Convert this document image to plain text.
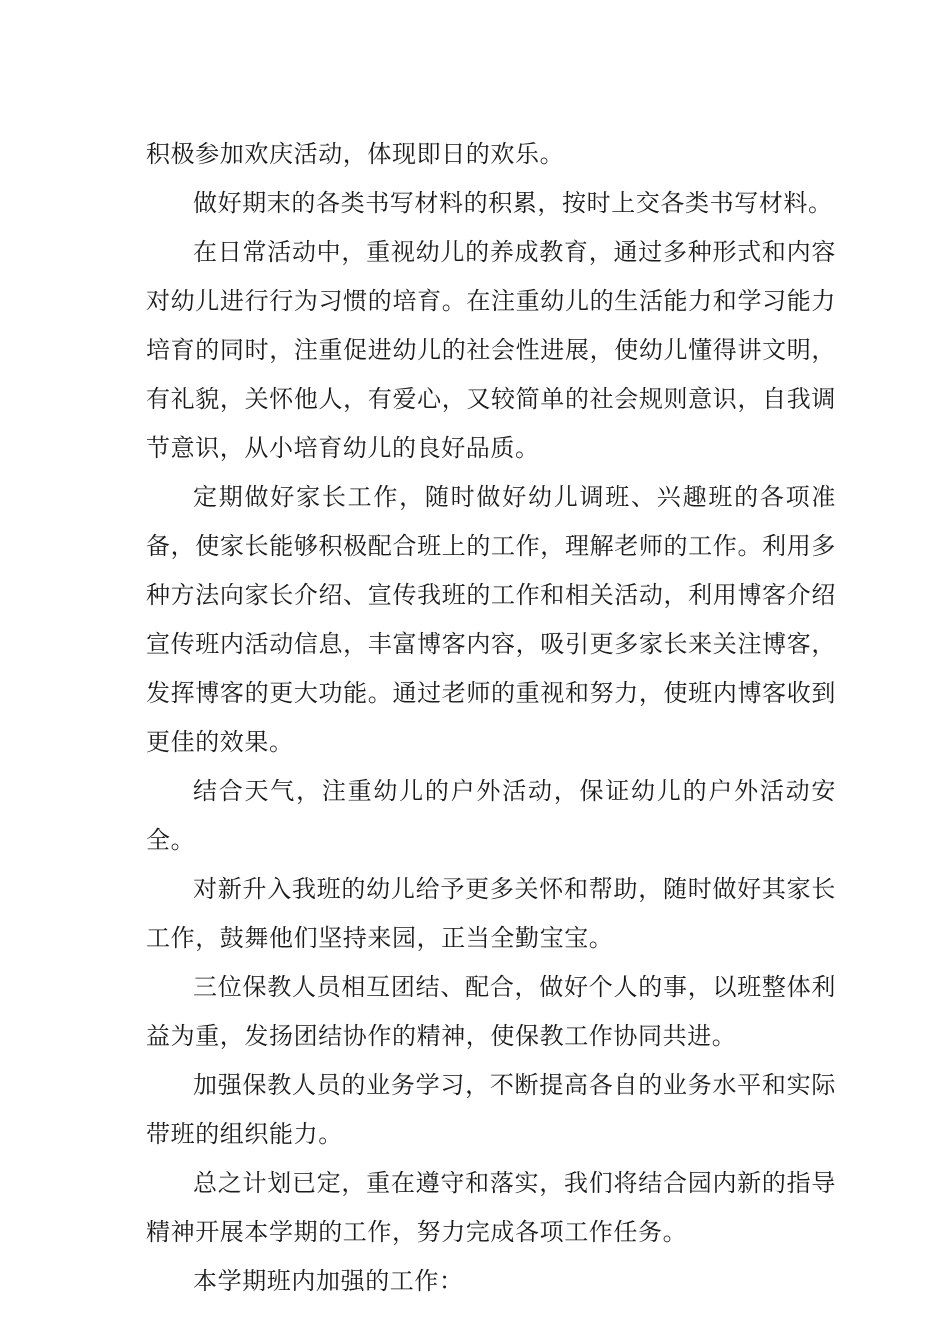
积极参加欢庆活动，体现即日的欢乐。

做好期末的各类书写材料的积累，按时上交各类书写材料。

在日常活动中，重视幼儿的养成教育，通过多种形式和内容对幼儿进行行为习惯的培育。在注重幼儿的生活能力和学习能力培育的同时，注重促进幼儿的社会性进展，使幼儿懂得讲文明，有礼貌，关怀他人，有爱心，又较简单的社会规则意识，自我调节意识，从小培育幼儿的良好品质。

定期做好家长工作，随时做好幼儿调班、兴趣班的各项准备，使家长能够积极配合班上的工作，理解老师的工作。利用多种方法向家长介绍、宣传我班的工作和相关活动，利用博客介绍宣传班内活动信息，丰富博客内容，吸引更多家长来关注博客，发挥博客的更大功能。通过老师的重视和努力，使班内博客收到更佳的效果。

结合天气，注重幼儿的户外活动，保证幼儿的户外活动安全。

对新升入我班的幼儿给予更多关怀和帮助，随时做好其家长工作，鼓舞他们坚持来园，正当全勤宝宝。

三位保教人员相互团结、配合，做好个人的事，以班整体利益为重，发扬团结协作的精神，使保教工作协同共进。

加强保教人员的业务学习，不断提高各自的业务水平和实际带班的组织能力。

总之计划已定，重在遵守和落实，我们将结合园内新的指导精神开展本学期的工作，努力完成各项工作任务。

本学期班内加强的工作：
